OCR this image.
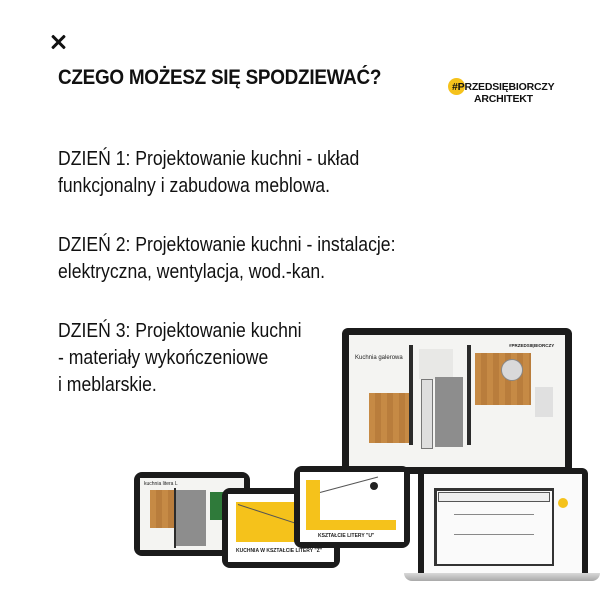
CZEGO MOŻESZ SIĘ SPODZIEWAĆ?	#PRZEDSIĘBIORCZY
ARCHITEKT
DZIEŃ 1: Projektowanie kuchni - układ
funkcjonalny i zabudowa meblowa.
DZIEŃ 2: Projektowanie kuchni - instalacje:
elektryczna, wentylacja, wod.-kan.
DZIEŃ 3: Projektowanie kuchni
- materiały wykończeniowe
i meblarskie.
Kuchnia galerowa
#PRZEDSIĘBIORCZY
kuchnia litera L
KUCHNIA W KSZTAŁCIE LITERY "Z"
KSZTAŁCIE LITERY "U"
